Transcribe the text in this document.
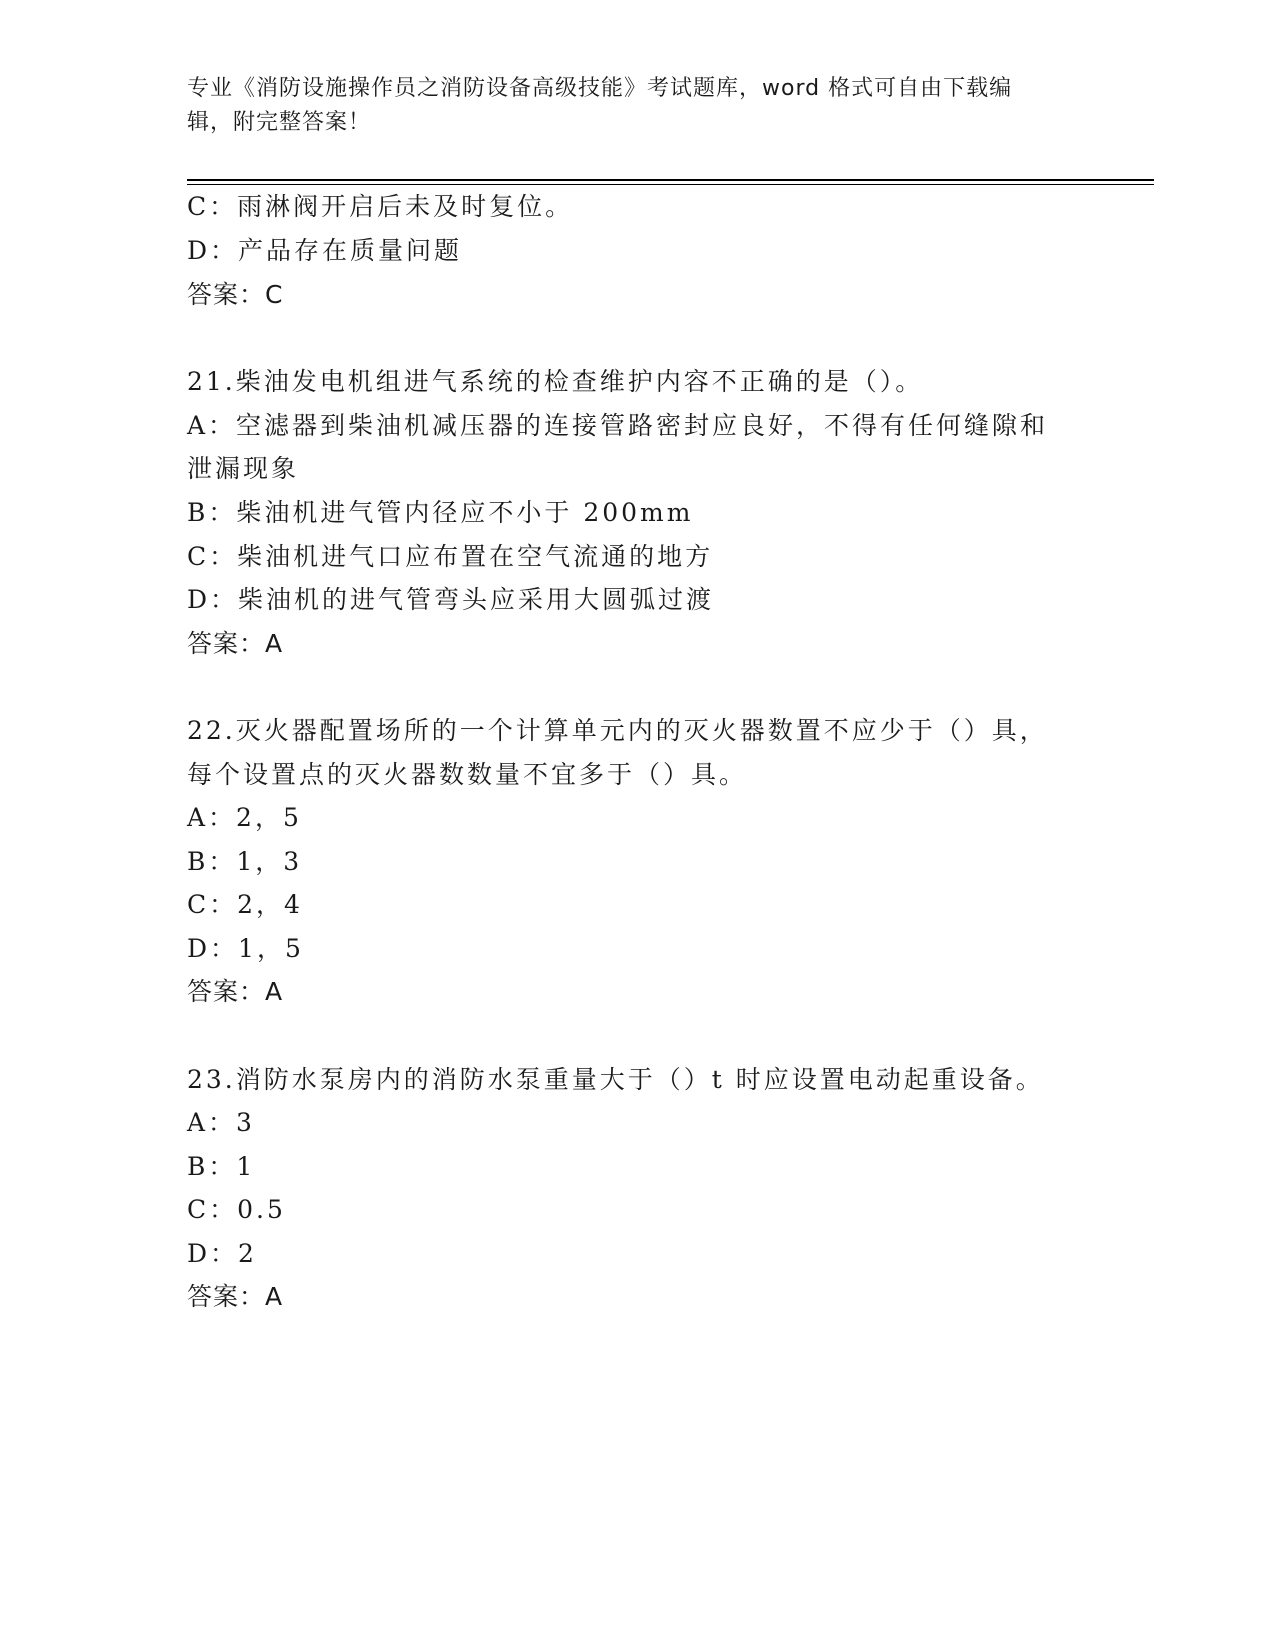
专业《消防设施操作员之消防设备高级技能》考试题库，word 格式可自由下载编
辑，附完整答案！
C：雨淋阀开启后未及时复位。
D：产品存在质量问题
答案：C
21.柴油发电机组进气系统的检查维护内容不正确的是（）。
A：空滤器到柴油机减压器的连接管路密封应良好，不得有任何缝隙和
泄漏现象
B：柴油机进气管内径应不小于 200mm
C：柴油机进气口应布置在空气流通的地方
D：柴油机的进气管弯头应采用大圆弧过渡
答案：A
22.灭火器配置场所的一个计算单元内的灭火器数置不应少于（）具，
每个设置点的灭火器数数量不宜多于（）具。
A：2，5
B：1，3
C：2，4
D：1，5
答案：A
23.消防水泵房内的消防水泵重量大于（）t 时应设置电动起重设备。
A：3
B：1
C：0.5
D：2
答案：A
